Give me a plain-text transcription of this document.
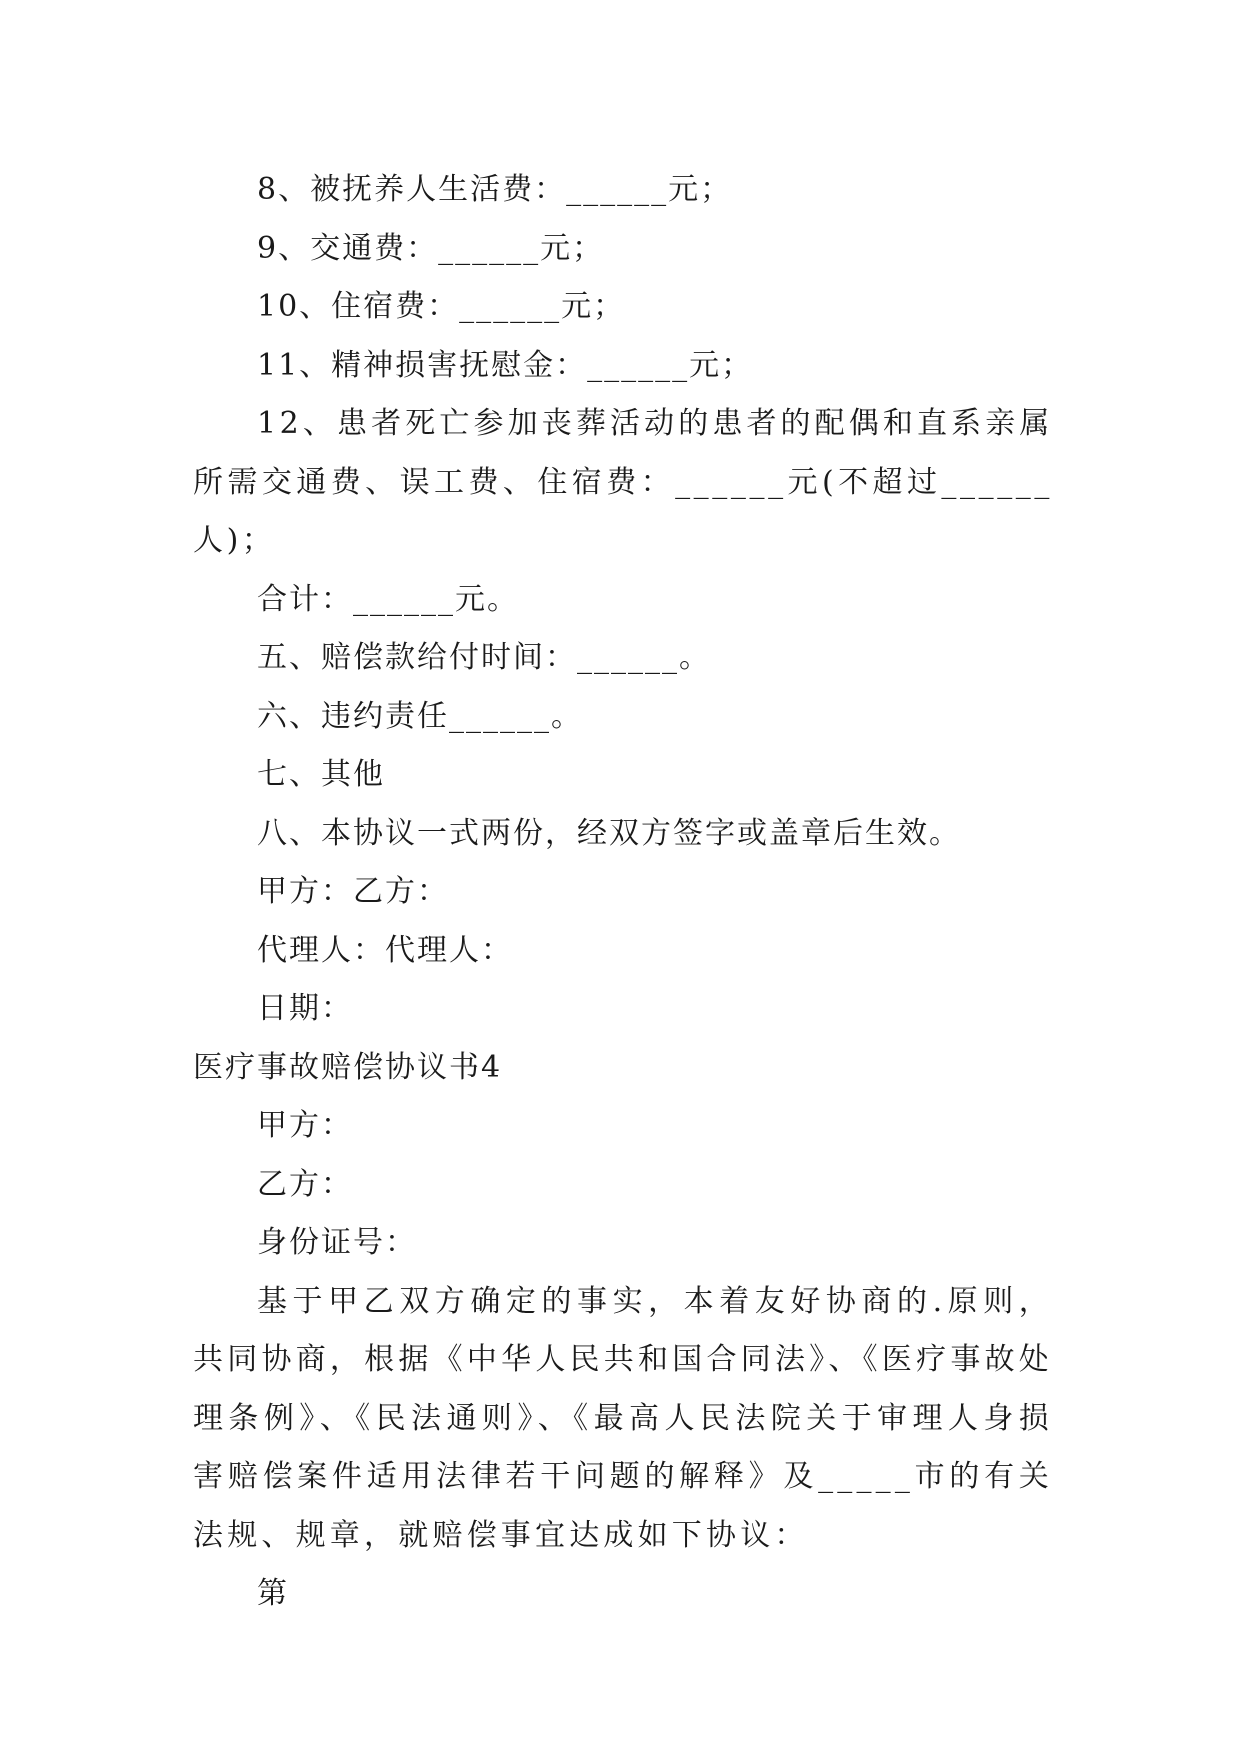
8、被抚养人生活费：______元；
9、交通费：______元；
10、住宿费：______元；
11、精神损害抚慰金：______元；
12、患者死亡参加丧葬活动的患者的配偶和直系亲属所需交通费、误工费、住宿费：______元(不超过______人)；
合计：______元。
五、赔偿款给付时间：______。
六、违约责任______。
七、其他
八、本协议一式两份，经双方签字或盖章后生效。
甲方：乙方：
代理人：代理人：
日期：
医疗事故赔偿协议书4
甲方：
乙方：
身份证号：
基于甲乙双方确定的事实，本着友好协商的.原则，共同协商，根据《中华人民共和国合同法》、《医疗事故处理条例》、《民法通则》、《最高人民法院关于审理人身损害赔偿案件适用法律若干问题的解释》及_____市的有关法规、规章，就赔偿事宜达成如下协议：
第
